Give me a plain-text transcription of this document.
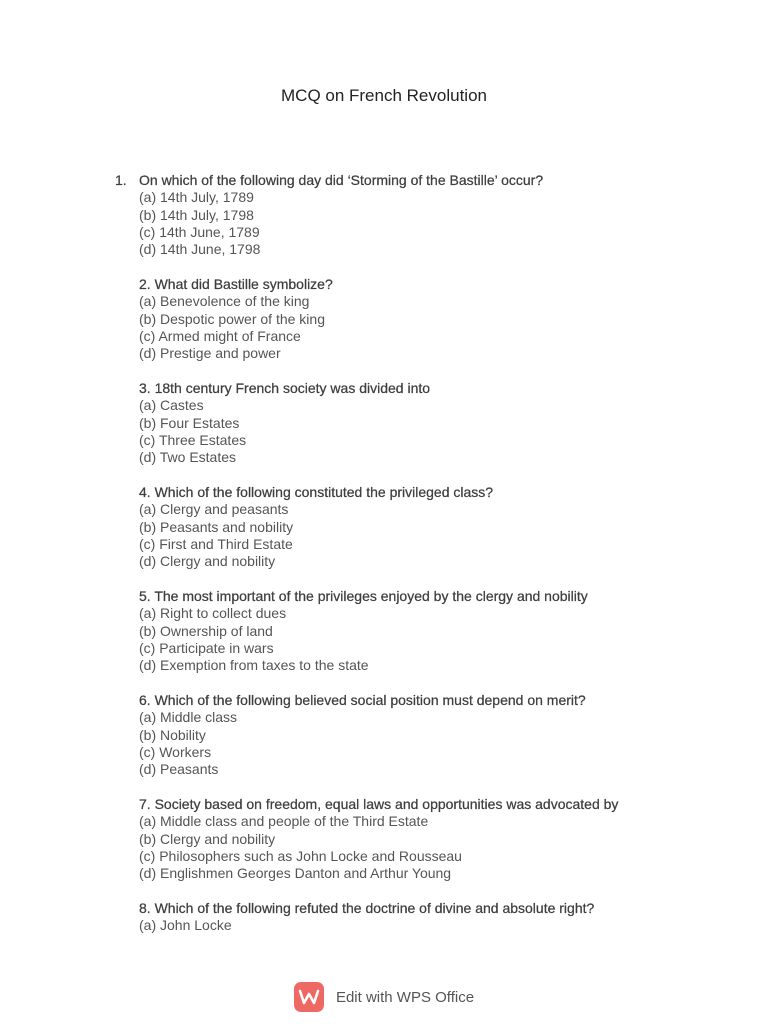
MCQ on French Revolution
1. On which of the following day did ‘Storming of the Bastille’ occur?
(a) 14th July, 1789
(b) 14th July, 1798
(c) 14th June, 1789
(d) 14th June, 1798
2. What did Bastille symbolize?
(a) Benevolence of the king
(b) Despotic power of the king
(c) Armed might of France
(d) Prestige and power
3. 18th century French society was divided into
(a) Castes
(b) Four Estates
(c) Three Estates
(d) Two Estates
4. Which of the following constituted the privileged class?
(a) Clergy and peasants
(b) Peasants and nobility
(c) First and Third Estate
(d) Clergy and nobility
5. The most important of the privileges enjoyed by the clergy and nobility
(a) Right to collect dues
(b) Ownership of land
(c) Participate in wars
(d) Exemption from taxes to the state
6. Which of the following believed social position must depend on merit?
(a) Middle class
(b) Nobility
(c) Workers
(d) Peasants
7. Society based on freedom, equal laws and opportunities was advocated by
(a) Middle class and people of the Third Estate
(b) Clergy and nobility
(c) Philosophers such as John Locke and Rousseau
(d) Englishmen Georges Danton and Arthur Young
8. Which of the following refuted the doctrine of divine and absolute right?
(a) John Locke
Edit with WPS Office
